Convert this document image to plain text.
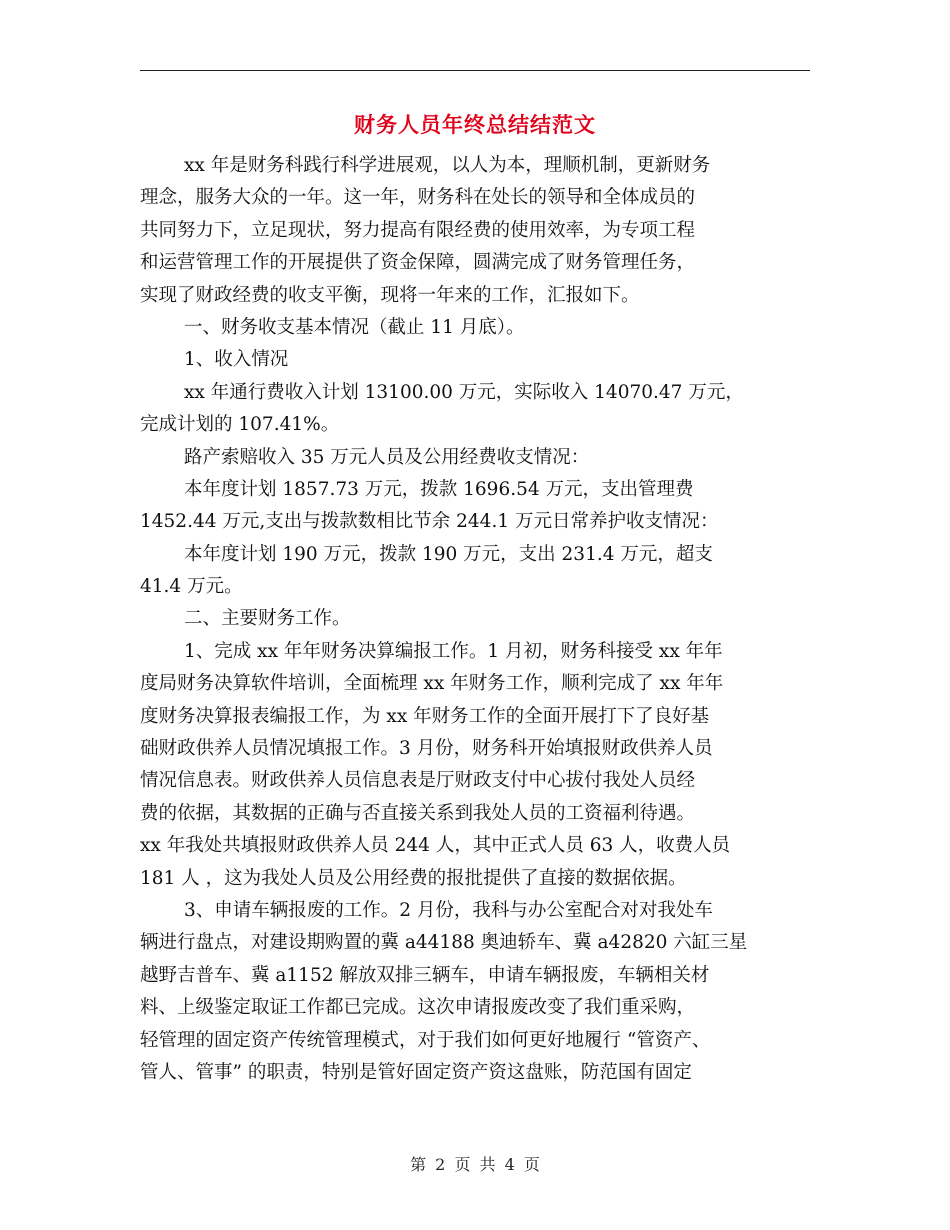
财务人员年终总结结范文
xx 年是财务科践行科学进展观，以人为本，理顺机制，更新财务
理念，服务大众的一年。这一年，财务科在处长的领导和全体成员的
共同努力下，立足现状，努力提高有限经费的使用效率，为专项工程
和运营管理工作的开展提供了资金保障，圆满完成了财务管理任务，
实现了财政经费的收支平衡，现将一年来的工作，汇报如下。
一、财务收支基本情况（截止 11 月底）。
1、收入情况
xx 年通行费收入计划 13100.00 万元，实际收入 14070.47 万元，
完成计划的 107.41%。
路产索赔收入 35 万元人员及公用经费收支情况：
本年度计划 1857.73 万元，拨款 1696.54 万元，支出管理费
1452.44 万元,支出与拨款数相比节余 244.1 万元日常养护收支情况：
本年度计划 190 万元，拨款 190 万元，支出 231.4 万元，超支
41.4 万元。
二、主要财务工作。
1、完成 xx 年年财务决算编报工作。1 月初，财务科接受 xx 年年
度局财务决算软件培训，全面梳理 xx 年财务工作，顺利完成了 xx 年年
度财务决算报表编报工作，为 xx 年财务工作的全面开展打下了良好基
础财政供养人员情况填报工作。3 月份，财务科开始填报财政供养人员
情况信息表。财政供养人员信息表是厅财政支付中心拔付我处人员经
费的依据，其数据的正确与否直接关系到我处人员的工资福利待遇。
xx 年我处共填报财政供养人员 244 人，其中正式人员 63 人，收费人员
181 人 ，这为我处人员及公用经费的报批提供了直接的数据依据。
3、申请车辆报废的工作。2 月份，我科与办公室配合对对我处车
辆进行盘点，对建设期购置的冀 a44188 奥迪轿车、冀 a42820 六缸三星
越野吉普车、冀 a1152 解放双排三辆车，申请车辆报废，车辆相关材
料、上级鉴定取证工作都已完成。这次申请报废改变了我们重采购，
轻管理的固定资产传统管理模式，对于我们如何更好地履行 “管资产、
管人、管事” 的职责，特别是管好固定资产资这盘账，防范国有固定
第 2 页 共 4 页
